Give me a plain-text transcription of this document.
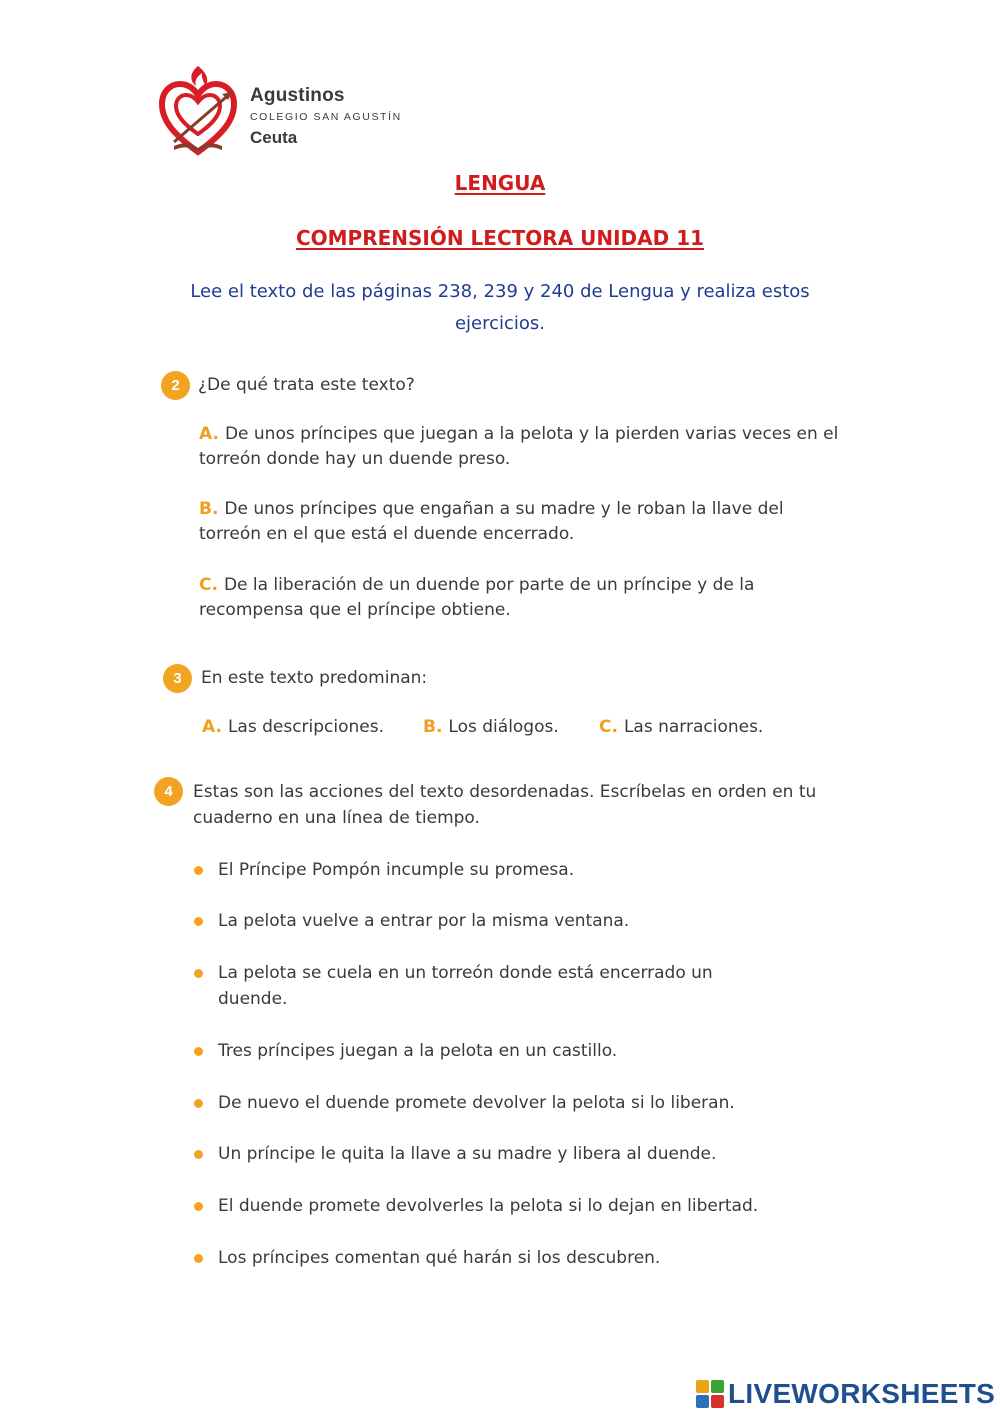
Agustinos
COLEGIO SAN AGUSTÍN
Ceuta
LENGUA
COMPRENSIÓN LECTORA UNIDAD 11
Lee el texto de las páginas 238, 239 y 240 de Lengua y realiza estos ejercicios.
2	¿De qué trata este texto?
A. De unos príncipes que juegan a la pelota y la pierden varias veces en el torreón donde hay un duende preso.
B. De unos príncipes que engañan a su madre y le roban la llave del torreón en el que está el duende encerrado.
C. De la liberación de un duende por parte de un príncipe y de la recompensa que el príncipe obtiene.
3	En este texto predominan:
A. Las descripciones. B. Los diálogos. C. Las narraciones.
4	Estas son las acciones del texto desordenadas. Escríbelas en orden en tu cuaderno en una línea de tiempo.
El Príncipe Pompón incumple su promesa.
La pelota vuelve a entrar por la misma ventana.
La pelota se cuela en un torreón donde está encerrado un duende.
Tres príncipes juegan a la pelota en un castillo.
De nuevo el duende promete devolver la pelota si lo liberan.
Un príncipe le quita la llave a su madre y libera al duende.
El duende promete devolverles la pelota si lo dejan en libertad.
Los príncipes comentan qué harán si los descubren.
LIVEWORKSHEETS
